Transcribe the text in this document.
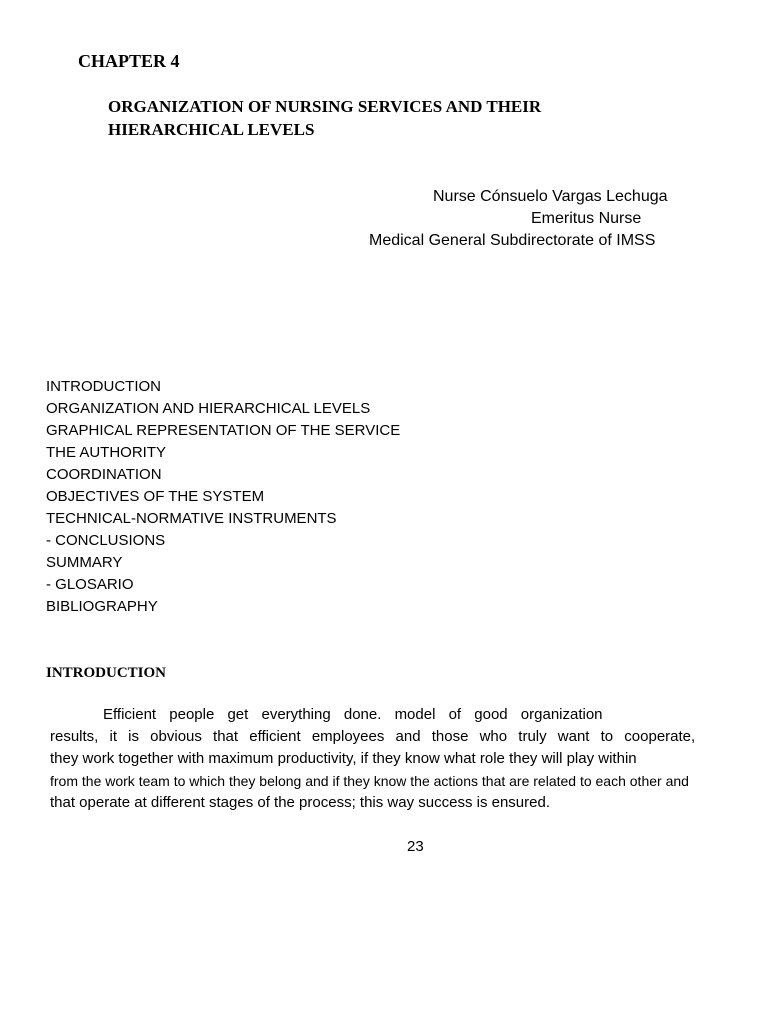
CHAPTER 4
ORGANIZATION OF NURSING SERVICES AND THEIR
HIERARCHICAL LEVELS
Nurse Cónsuelo Vargas Lechuga
Emeritus Nurse
Medical General Subdirectorate of IMSS
INTRODUCTION
ORGANIZATION AND HIERARCHICAL LEVELS
GRAPHICAL REPRESENTATION OF THE SERVICE
THE AUTHORITY
COORDINATION
OBJECTIVES OF THE SYSTEM
TECHNICAL-NORMATIVE INSTRUMENTS
- CONCLUSIONS
SUMMARY
- GLOSARIO
BIBLIOGRAPHY
INTRODUCTION
Efficient people get everything done. model of good organization
results, it is obvious that efficient employees and those who truly want to cooperate,
they work together with maximum productivity, if they know what role they will play within
from the work team to which they belong and if they know the actions that are related to each other and
that operate at different stages of the process; this way success is ensured.
23
